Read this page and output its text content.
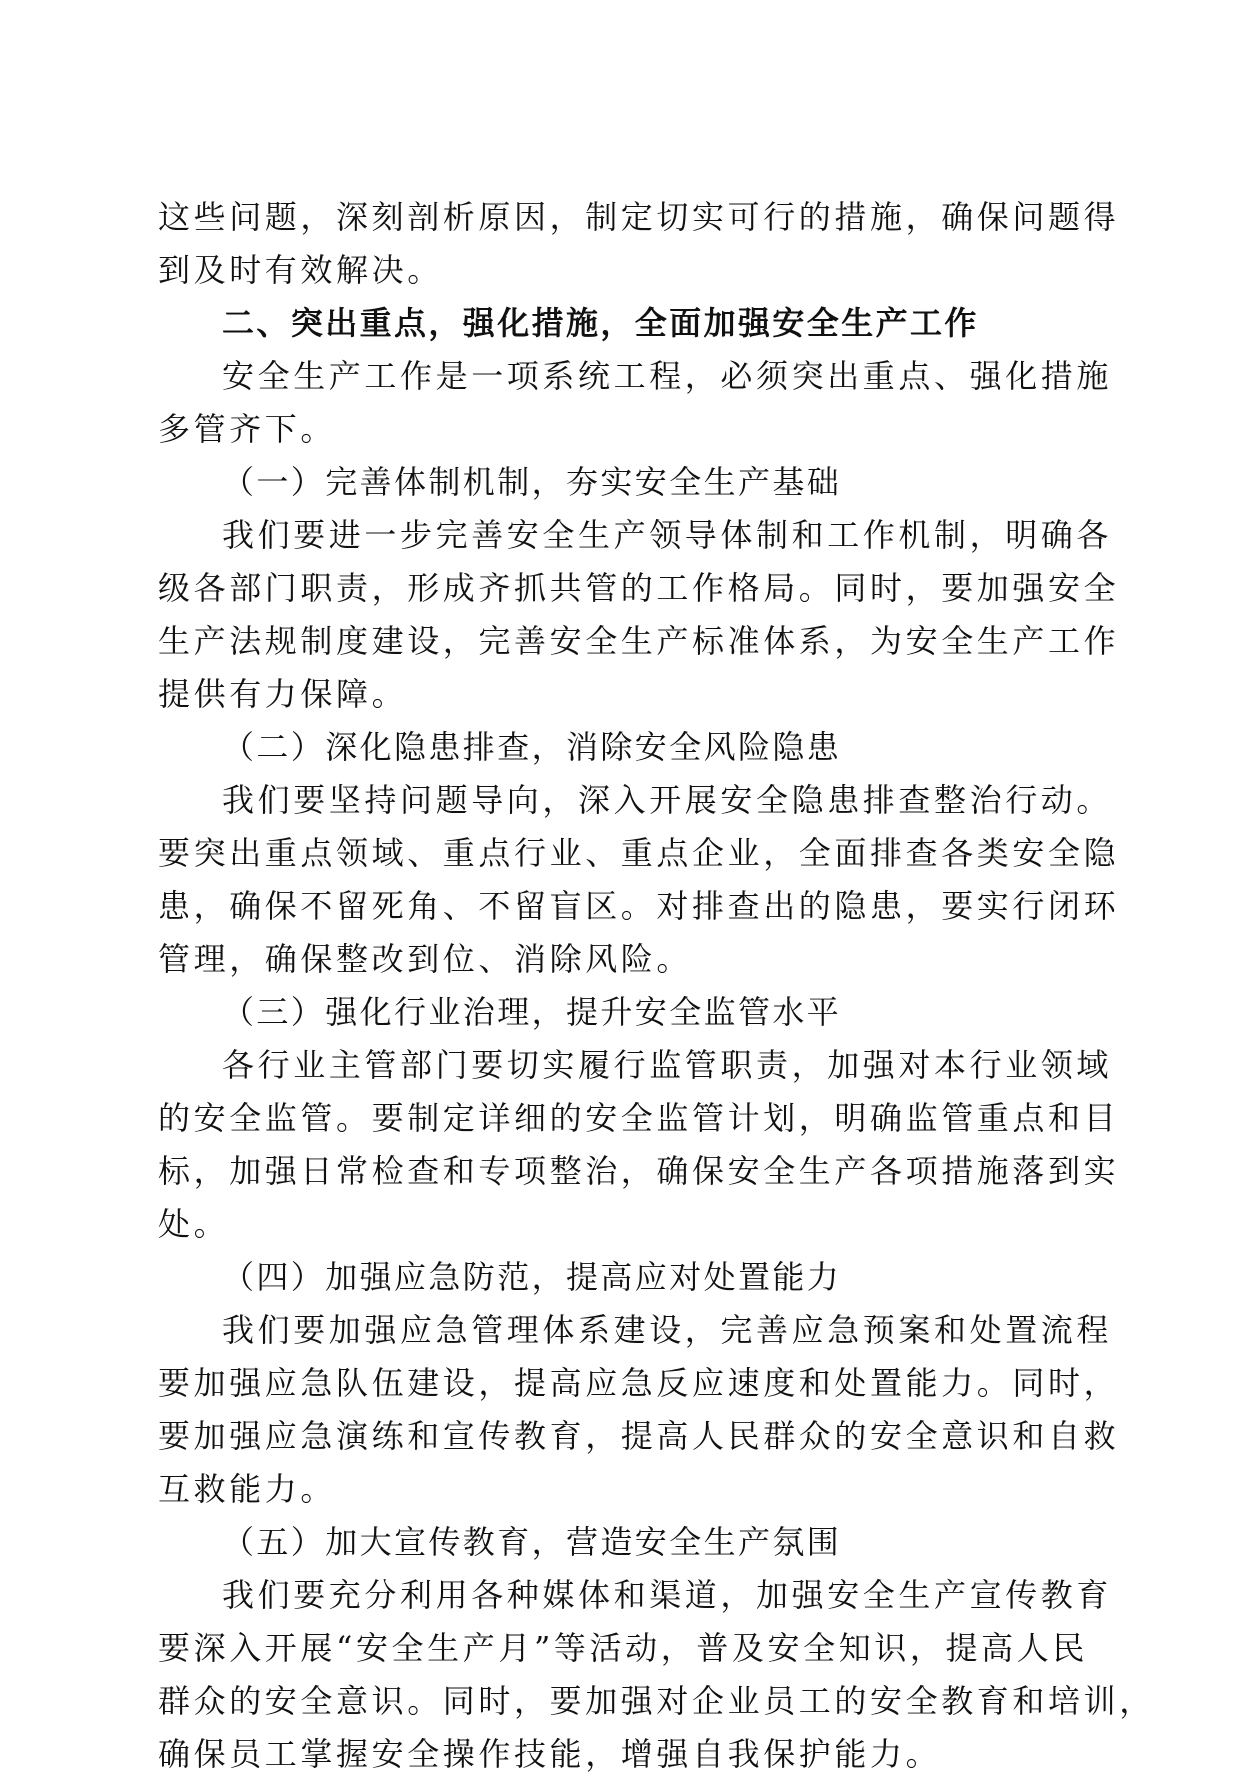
这些问题，深刻剖析原因，制定切实可行的措施，确保问题得
到及时有效解决。
二、突出重点，强化措施，全面加强安全生产工作
安全生产工作是一项系统工程，必须突出重点、强化措施
多管齐下。
（一）完善体制机制，夯实安全生产基础
我们要进一步完善安全生产领导体制和工作机制，明确各
级各部门职责，形成齐抓共管的工作格局。同时，要加强安全
生产法规制度建设，完善安全生产标准体系，为安全生产工作
提供有力保障。
（二）深化隐患排查，消除安全风险隐患
我们要坚持问题导向，深入开展安全隐患排查整治行动。
要突出重点领域、重点行业、重点企业，全面排查各类安全隐
患，确保不留死角、不留盲区。对排查出的隐患，要实行闭环
管理，确保整改到位、消除风险。
（三）强化行业治理，提升安全监管水平
各行业主管部门要切实履行监管职责，加强对本行业领域
的安全监管。要制定详细的安全监管计划，明确监管重点和目
标，加强日常检查和专项整治，确保安全生产各项措施落到实
处。
（四）加强应急防范，提高应对处置能力
我们要加强应急管理体系建设，完善应急预案和处置流程
要加强应急队伍建设，提高应急反应速度和处置能力。同时，
要加强应急演练和宣传教育，提高人民群众的安全意识和自救
互救能力。
（五）加大宣传教育，营造安全生产氛围
我们要充分利用各种媒体和渠道，加强安全生产宣传教育
要深入开展“安全生产月”等活动，普及安全知识，提高人民
群众的安全意识。同时，要加强对企业员工的安全教育和培训，
确保员工掌握安全操作技能，增强自我保护能力。
